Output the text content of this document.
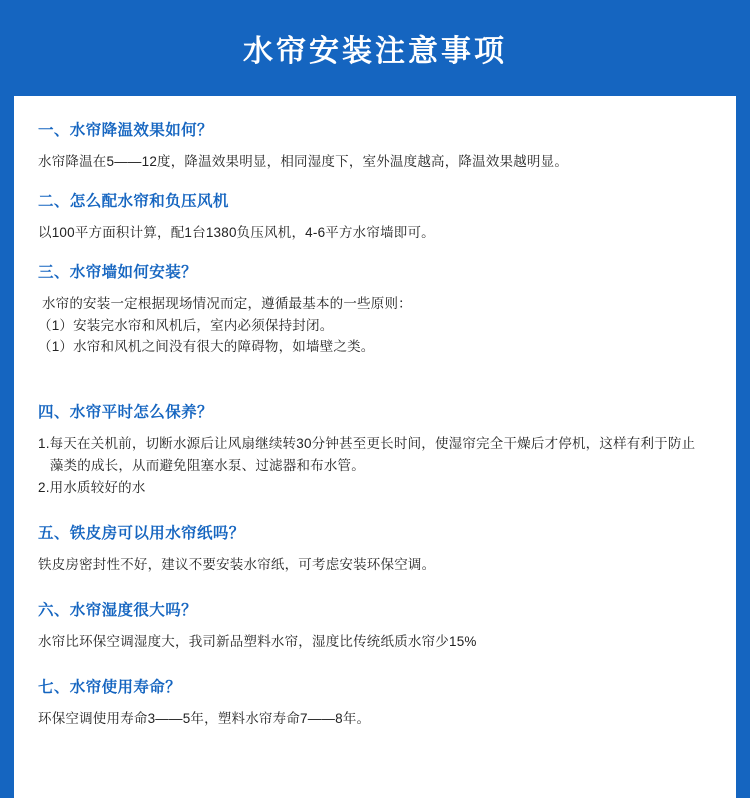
水帘安装注意事项
一、水帘降温效果如何？
水帘降温在5——12度，降温效果明显，相同湿度下，室外温度越高，降温效果越明显。
二、怎么配水帘和负压风机
以100平方面积计算，配1台1380负压风机，4-6平方水帘墙即可。
三、水帘墙如何安装？
水帘的安装一定根据现场情况而定，遵循最基本的一些原则：
（1）安装完水帘和风机后，室内必须保持封闭。
（1）水帘和风机之间没有很大的障碍物，如墙壁之类。
四、水帘平时怎么保养？
1.每天在关机前，切断水源后让风扇继续转30分钟甚至更长时间，使湿帘完全干燥后才停机，这样有利于防止
藻类的成长，从而避免阻塞水泵、过滤器和布水管。
2.用水质较好的水
五、铁皮房可以用水帘纸吗？
铁皮房密封性不好，建议不要安装水帘纸，可考虑安装环保空调。
六、水帘湿度很大吗？
水帘比环保空调湿度大，我司新品塑料水帘，湿度比传统纸质水帘少15%
七、水帘使用寿命？
环保空调使用寿命3——5年，塑料水帘寿命7——8年。
